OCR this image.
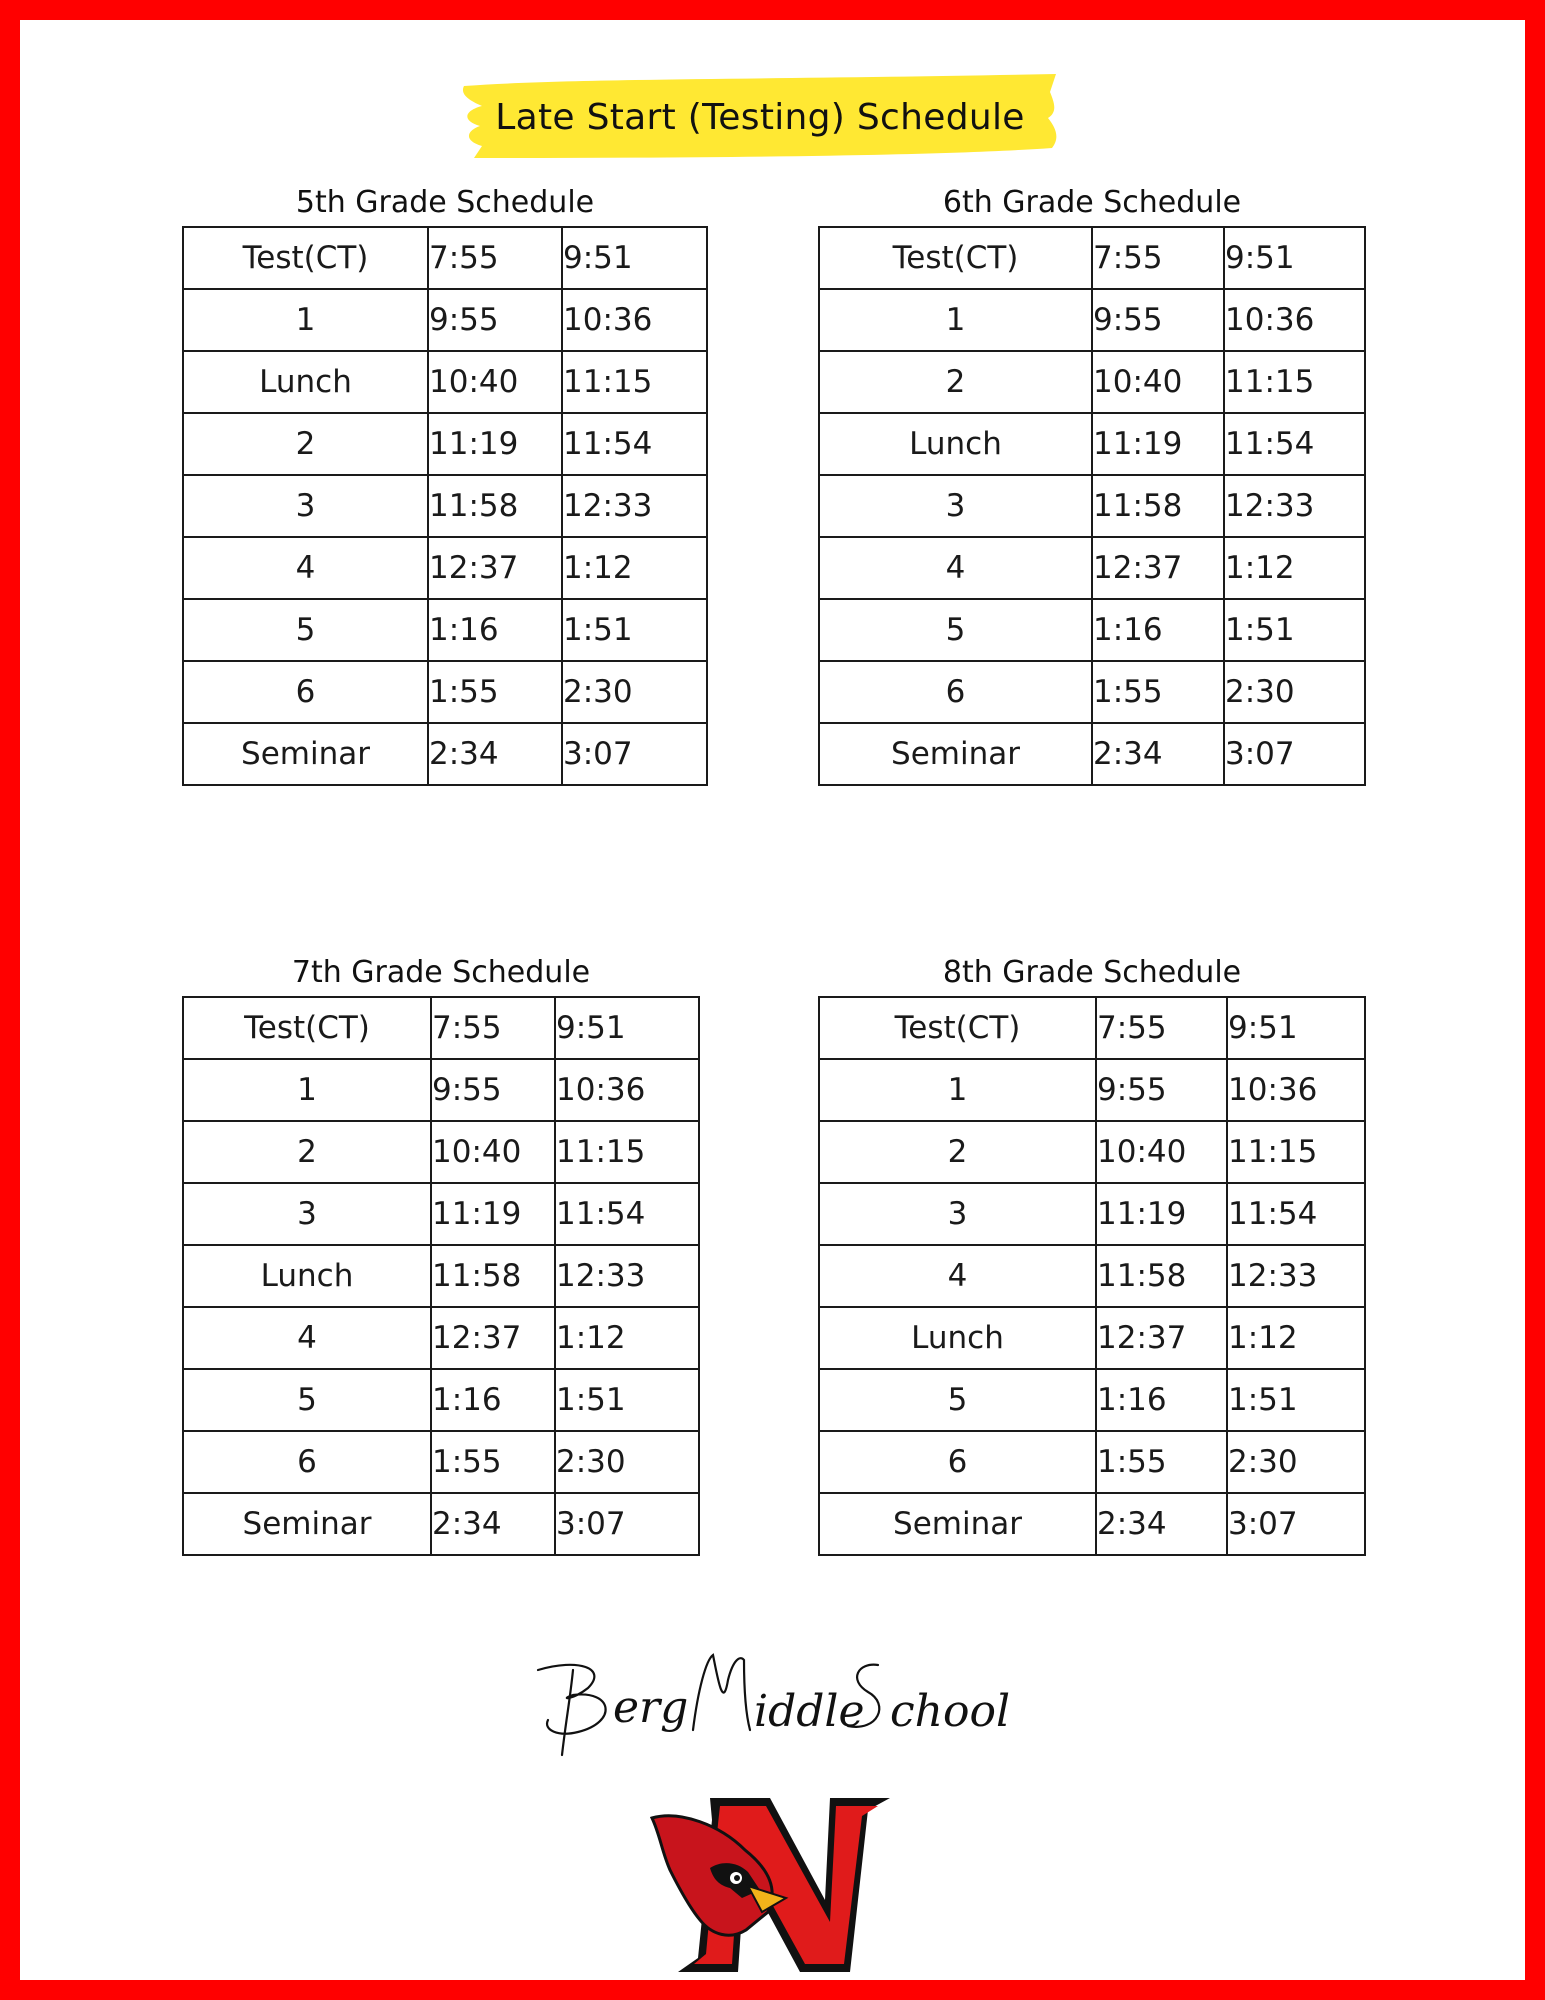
Late Start (Testing) Schedule
5th Grade Schedule
Test(CT)	7:55	9:51
1	9:55	10:36
Lunch	10:40	11:15
2	11:19	11:54
3	11:58	12:33
4	12:37	1:12
5	1:16	1:51
6	1:55	2:30
Seminar	2:34	3:07
6th Grade Schedule
Test(CT)	7:55	9:51
1	9:55	10:36
2	10:40	11:15
Lunch	11:19	11:54
3	11:58	12:33
4	12:37	1:12
5	1:16	1:51
6	1:55	2:30
Seminar	2:34	3:07
7th Grade Schedule
Test(CT)	7:55	9:51
1	9:55	10:36
2	10:40	11:15
3	11:19	11:54
Lunch	11:58	12:33
4	12:37	1:12
5	1:16	1:51
6	1:55	2:30
Seminar	2:34	3:07
8th Grade Schedule
Test(CT)	7:55	9:51
1	9:55	10:36
2	10:40	11:15
3	11:19	11:54
4	11:58	12:33
Lunch	12:37	1:12
5	1:16	1:51
6	1:55	2:30
Seminar	2:34	3:07
erg iddle chool
